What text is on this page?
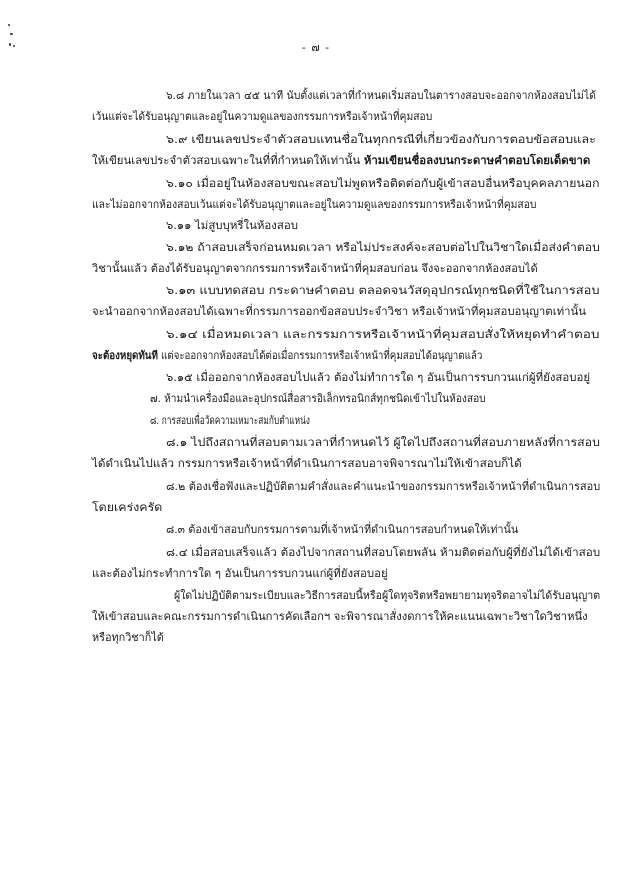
- ๗ -
๖.๘ ภายในเวลา ๔๕ นาที นับตั้งแต่เวลาที่กำหนดเริ่มสอบในตารางสอบจะออกจากห้องสอบไม่ได้
เว้นแต่จะได้รับอนุญาตและอยู่ในความดูแลของกรรมการหรือเจ้าหน้าที่คุมสอบ
๖.๙ เขียนเลขประจำตัวสอบแทนชื่อในทุกกรณีที่เกี่ยวข้องกับการตอบข้อสอบและ
ให้เขียนเลขประจำตัวสอบเฉพาะในที่ที่กำหนดให้เท่านั้น ห้ามเขียนชื่อลงบนกระดาษคำตอบโดยเด็ดขาด
๖.๑๐ เมื่ออยู่ในห้องสอบขณะสอบไม่พูดหรือติดต่อกับผู้เข้าสอบอื่นหรือบุคคลภายนอก
และไม่ออกจากห้องสอบเว้นแต่จะได้รับอนุญาตและอยู่ในความดูแลของกรรมการหรือเจ้าหน้าที่คุมสอบ
๖.๑๑ ไม่สูบบุหรี่ในห้องสอบ
๖.๑๒ ถ้าสอบเสร็จก่อนหมดเวลา หรือไม่ประสงค์จะสอบต่อไปในวิชาใดเมื่อส่งคำตอบ
วิชานั้นแล้ว ต้องได้รับอนุญาตจากกรรมการหรือเจ้าหน้าที่คุมสอบก่อน จึงจะออกจากห้องสอบได้
๖.๑๓ แบบทดสอบ กระดาษคำตอบ ตลอดจนวัสดุอุปกรณ์ทุกชนิดที่ใช้ในการสอบ
จะนำออกจากห้องสอบได้เฉพาะที่กรรมการออกข้อสอบประจำวิชา หรือเจ้าหน้าที่คุมสอบอนุญาตเท่านั้น
๖.๑๔ เมื่อหมดเวลา และกรรมการหรือเจ้าหน้าที่คุมสอบสั่งให้หยุดทำคำตอบ
จะต้องหยุดทันที แต่จะออกจากห้องสอบได้ต่อเมื่อกรรมการหรือเจ้าหน้าที่คุมสอบได้อนุญาตแล้ว
๖.๑๕ เมื่อออกจากห้องสอบไปแล้ว ต้องไม่ทำการใด ๆ อันเป็นการรบกวนแก่ผู้ที่ยังสอบอยู่
๗. ห้ามนำเครื่องมือและอุปกรณ์สื่อสารอิเล็กทรอนิกส์ทุกชนิดเข้าไปในห้องสอบ
๘. การสอบเพื่อวัดความเหมาะสมกับตำแหน่ง
๘.๑ ไปถึงสถานที่สอบตามเวลาที่กำหนดไว้ ผู้ใดไปถึงสถานที่สอบภายหลังที่การสอบ
ได้ดำเนินไปแล้ว กรรมการหรือเจ้าหน้าที่ดำเนินการสอบอาจพิจารณาไม่ให้เข้าสอบก็ได้
๘.๒ ต้องเชื่อฟังและปฏิบัติตามคำสั่งและคำแนะนำของกรรมการหรือเจ้าหน้าที่ดำเนินการสอบ
โดยเคร่งครัด
๘.๓ ต้องเข้าสอบกับกรรมการตามที่เจ้าหน้าที่ดำเนินการสอบกำหนดให้เท่านั้น
๘.๔ เมื่อสอบเสร็จแล้ว ต้องไปจากสถานที่สอบโดยพลัน ห้ามติดต่อกับผู้ที่ยังไม่ได้เข้าสอบ
และต้องไม่กระทำการใด ๆ อันเป็นการรบกวนแก่ผู้ที่ยังสอบอยู่
ผู้ใดไม่ปฏิบัติตามระเบียบและวิธีการสอบนี้หรือผู้ใดทุจริตหรือพยายามทุจริตอาจไม่ได้รับอนุญาต
ให้เข้าสอบและคณะกรรมการดำเนินการคัดเลือกฯ จะพิจารณาสั่งงดการให้คะแนนเฉพาะวิชาใดวิชาหนึ่ง
หรือทุกวิชาก็ได้
